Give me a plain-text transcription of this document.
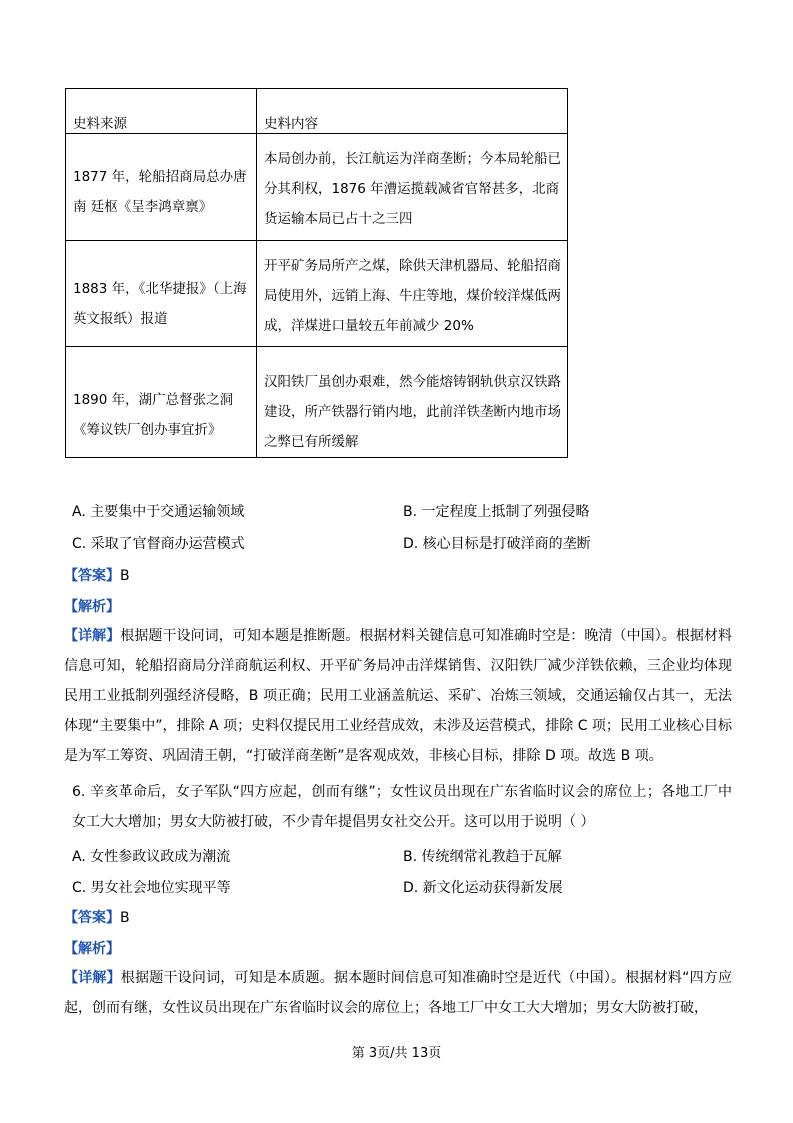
史料来源	史料内容

1877 年，轮船招商局总办唐南 廷枢《呈李鸿章禀》	本局创办前，长江航运为洋商垄断；今本局轮船已分其利权，1876 年漕运揽载减省官帑甚多，北商货运输本局已占十之三四

1883 年，《北华捷报》（上海英文报纸）报道	开平矿务局所产之煤，除供天津机器局、轮船招商局使用外，远销上海、牛庄等地，煤价较洋煤低两成，洋煤进口量较五年前减少 20%

1890 年，湖广总督张之洞《筹议铁厂创办事宜折》	汉阳铁厂虽创办艰难，然今能熔铸钢轨供京汉铁路建设，所产铁器行销内地，此前洋铁垄断内地市场之弊已有所缓解
A. 主要集中于交通运输领域	B. 一定程度上抵制了列强侵略
C. 采取了官督商办运营模式	D. 核心目标是打破洋商的垄断
【答案】B
【解析】
【详解】根据题干设问词，可知本题是推断题。根据材料关键信息可知准确时空是：晚清（中国）。根据材料信息可知，轮船招商局分洋商航运利权、开平矿务局冲击洋煤销售、汉阳铁厂减少洋铁依赖，三企业均体现民用工业抵制列强经济侵略，B 项正确；民用工业涵盖航运、采矿、冶炼三领域，交通运输仅占其一，无法体现“主要集中”，排除 A 项；史料仅提民用工业经营成效，未涉及运营模式，排除 C 项；民用工业核心目标是为军工筹资、巩固清王朝，“打破洋商垄断”是客观成效，非核心目标，排除 D 项。故选 B 项。
6. 辛亥革命后，女子军队“四方应起，创而有继”；女性议员出现在广东省临时议会的席位上；各地工厂中女工大大增加；男女大防被打破，不少青年提倡男女社交公开。这可以用于说明（ ）
A. 女性参政议政成为潮流	B. 传统纲常礼教趋于瓦解
C. 男女社会地位实现平等	D. 新文化运动获得新发展
【答案】B
【解析】
【详解】根据题干设问词，可知是本质题。据本题时间信息可知准确时空是近代（中国）。根据材料“四方应起，创而有继，女性议员出现在广东省临时议会的席位上；各地工厂中女工大大增加；男女大防被打破，
第 3页/共 13页
